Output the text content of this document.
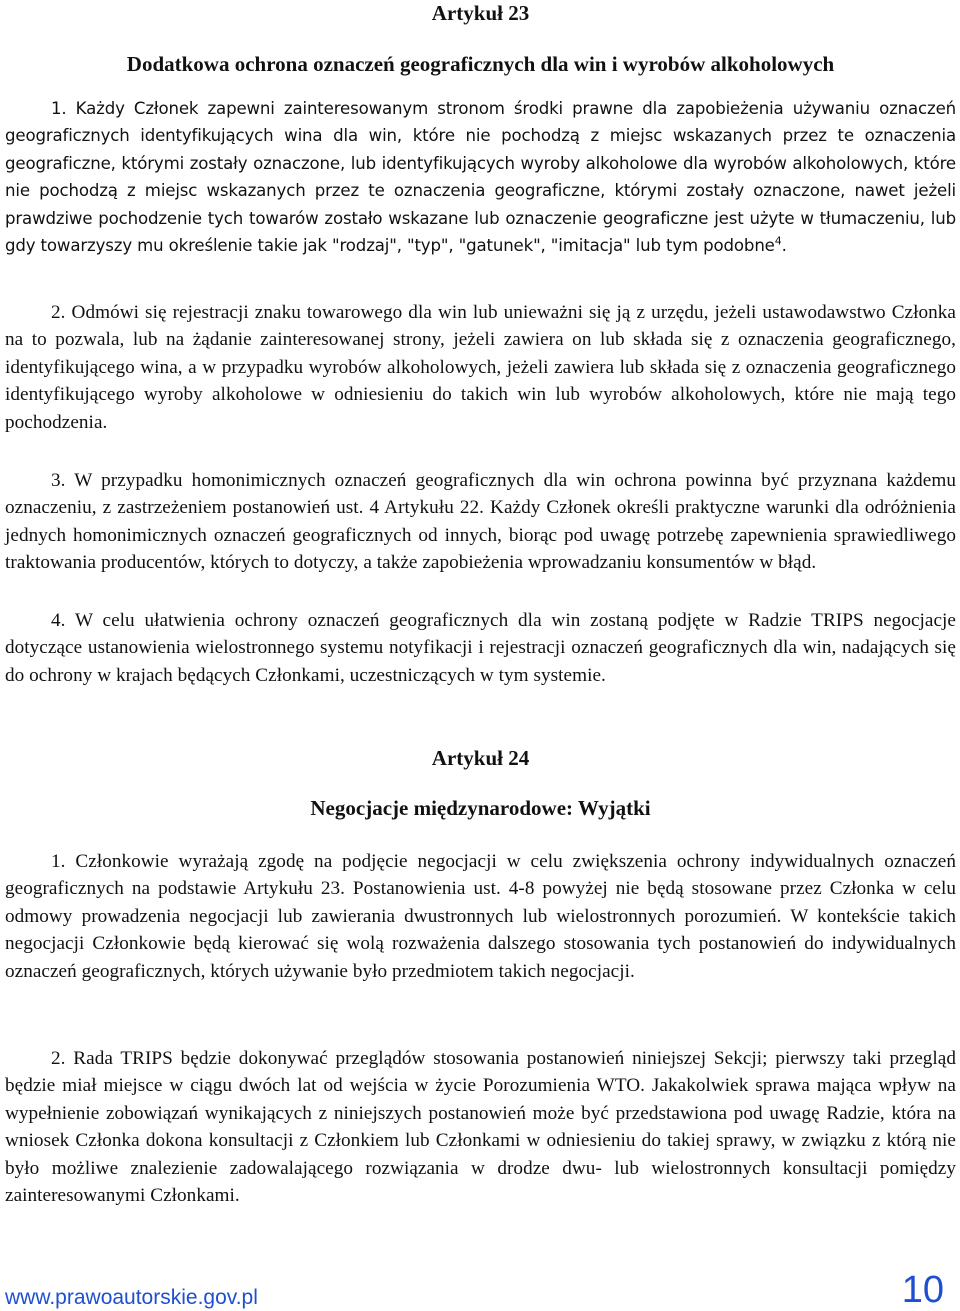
Artykuł 23
Dodatkowa ochrona oznaczeń geograficznych dla win i wyrobów alkoholowych

1. Każdy Członek zapewni zainteresowanym stronom środki prawne dla zapobieżenia używaniu oznaczeń geograficznych identyfikujących wina dla win, które nie pochodzą z miejsc wskazanych przez te oznaczenia geograficzne, którymi zostały oznaczone, lub identyfikujących wyroby alkoholowe dla wyrobów alkoholowych, które nie pochodzą z miejsc wskazanych przez te oznaczenia geograficzne, którymi zostały oznaczone, nawet jeżeli prawdziwe pochodzenie tych towarów zostało wskazane lub oznaczenie geograficzne jest użyte w tłumaczeniu, lub gdy towarzyszy mu określenie takie jak "rodzaj", "typ", "gatunek", "imitacja" lub tym podobne$^4$.

2. Odmówi się rejestracji znaku towarowego dla win lub unieważni się ją z urzędu, jeżeli ustawodawstwo Członka na to pozwala, lub na żądanie zainteresowanej strony, jeżeli zawiera on lub składa się z oznaczenia geograficznego, identyfikującego wina, a w przypadku wyrobów alkoholowych, jeżeli zawiera lub składa się z oznaczenia geograficznego identyfikującego wyroby alkoholowe w odniesieniu do takich win lub wyrobów alkoholowych, które nie mają tego pochodzenia.

3. W przypadku homonimicznych oznaczeń geograficznych dla win ochrona powinna być przyznana każdemu oznaczeniu, z zastrzeżeniem postanowień ust. 4 Artykułu 22. Każdy Członek określi praktyczne warunki dla odróżnienia jednych homonimicznych oznaczeń geograficznych od innych, biorąc pod uwagę potrzebę zapewnienia sprawiedliwego traktowania producentów, których to dotyczy, a także zapobieżenia wprowadzaniu konsumentów w błąd.

4. W celu ułatwienia ochrony oznaczeń geograficznych dla win zostaną podjęte w Radzie TRIPS negocjacje dotyczące ustanowienia wielostronnego systemu notyfikacji i rejestracji oznaczeń geograficznych dla win, nadających się do ochrony w krajach będących Członkami, uczestniczących w tym systemie.

Artykuł 24
Negocjacje międzynarodowe: Wyjątki

1. Członkowie wyrażają zgodę na podjęcie negocjacji w celu zwiększenia ochrony indywidualnych oznaczeń geograficznych na podstawie Artykułu 23. Postanowienia ust. 4-8 powyżej nie będą stosowane przez Członka w celu odmowy prowadzenia negocjacji lub zawierania dwustronnych lub wielostronnych porozumień. W kontekście takich negocjacji Członkowie będą kierować się wolą rozważenia dalszego stosowania tych postanowień do indywidualnych oznaczeń geograficznych, których używanie było przedmiotem takich negocjacji.

2. Rada TRIPS będzie dokonywać przeglądów stosowania postanowień niniejszej Sekcji; pierwszy taki przegląd będzie miał miejsce w ciągu dwóch lat od wejścia w życie Porozumienia WTO. Jakakolwiek sprawa mająca wpływ na wypełnienie zobowiązań wynikających z niniejszych postanowień może być przedstawiona pod uwagę Radzie, która na wniosek Członka dokona konsultacji z Członkiem lub Członkami w odniesieniu do takiej sprawy, w związku z którą nie było możliwe znalezienie zadowalającego rozwiązania w drodze dwu- lub wielostronnych konsultacji pomiędzy zainteresowanymi Członkami.

www.prawoautorskie.gov.pl	10
